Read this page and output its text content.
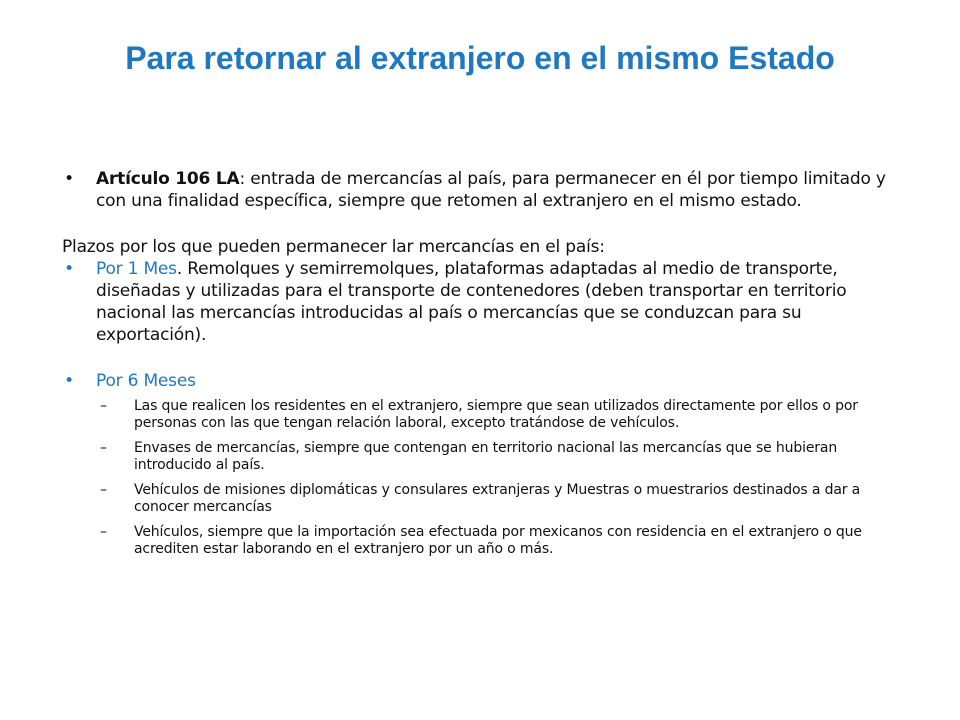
Para retornar al extranjero en el mismo Estado
• Artículo 106 LA: entrada de mercancías al país, para permanecer en él por tiempo limitado y con una finalidad específica, siempre que retomen al extranjero en el mismo estado.
Plazos por los que pueden permanecer lar mercancías en el país:
• Por 1 Mes. Remolques y semirremolques, plataformas adaptadas al medio de transporte, diseñadas y utilizadas para el transporte de contenedores (deben transportar en territorio nacional las mercancías introducidas al país o mercancías que se conduzcan para su exportación).
• Por 6 Meses
– Las que realicen los residentes en el extranjero, siempre que sean utilizados directamente por ellos o por personas con las que tengan relación laboral, excepto tratándose de vehículos.
– Envases de mercancías, siempre que contengan en territorio nacional las mercancías que se hubieran introducido al país.
– Vehículos de misiones diplomáticas y consulares extranjeras y Muestras o muestrarios destinados a dar a conocer mercancías
– Vehículos, siempre que la importación sea efectuada por mexicanos con residencia en el extranjero o que acrediten estar laborando en el extranjero por un año o más.
